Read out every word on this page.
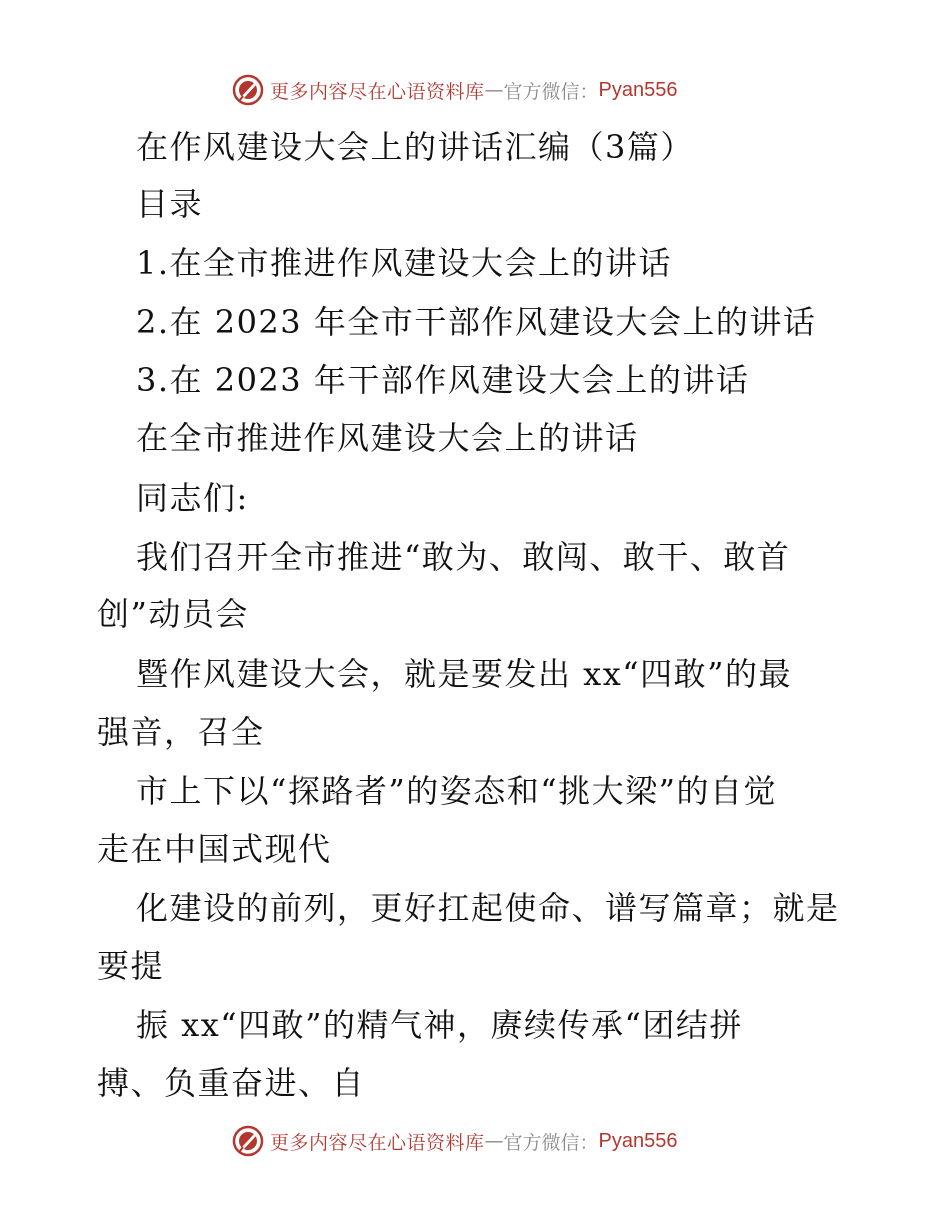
更多内容尽在心语资料库 — 官方微信： Pyan556
在作风建设大会上的讲话汇编（3篇）
目录
1.在全市推进作风建设大会上的讲话
2.在 2023 年全市干部作风建设大会上的讲话
3.在 2023 年干部作风建设大会上的讲话
在全市推进作风建设大会上的讲话
同志们:
我们召开全市推进“敢为、敢闯、敢干、敢首
创”动员会
暨作风建设大会，就是要发出 xx“四敢”的最
强音，召全
市上下以“探路者”的姿态和“挑大梁”的自觉
走在中国式现代
化建设的前列，更好扛起使命、谱写篇章；就是
要提
振 xx“四敢”的精气神，赓续传承“团结拼
搏、负重奋进、自
更多内容尽在心语资料库 — 官方微信： Pyan556
